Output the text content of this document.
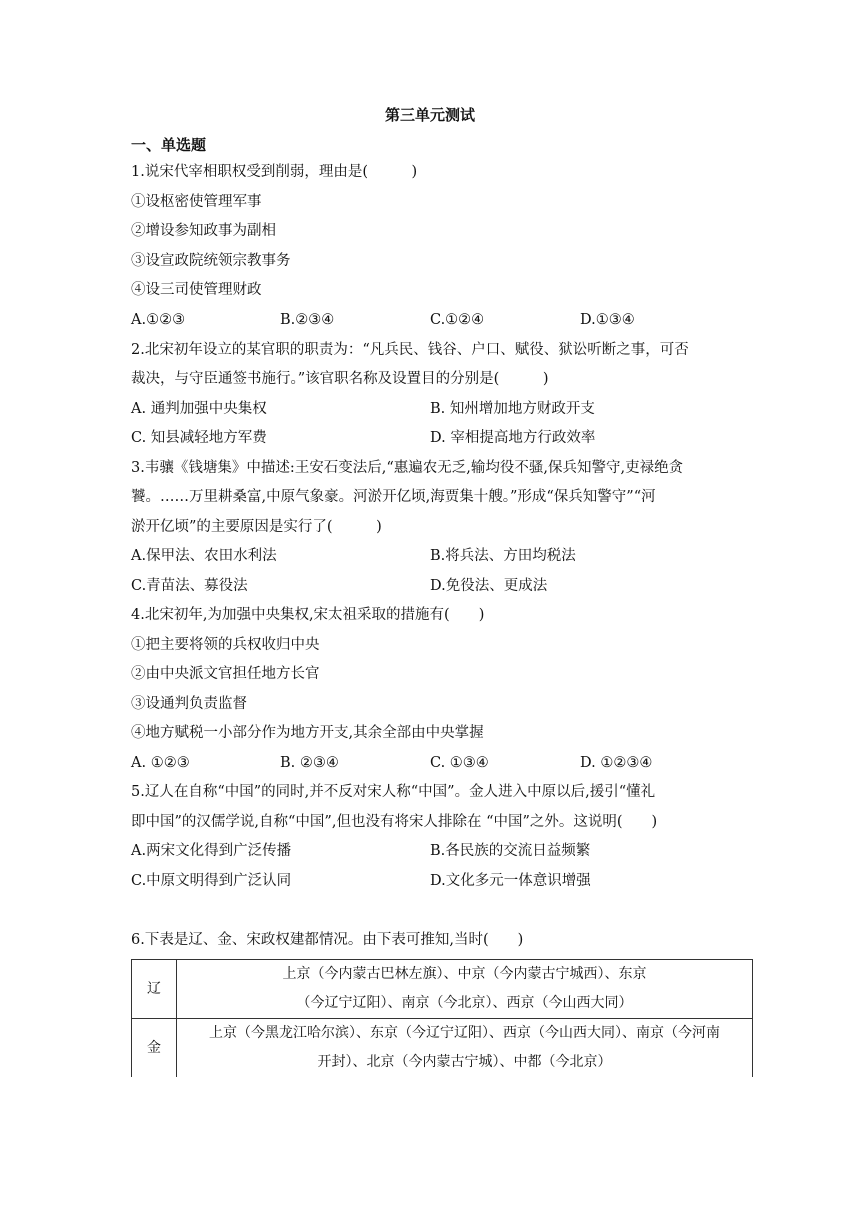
第三单元测试
一、单选题
1.说宋代宰相职权受到削弱，理由是(　　　)
①设枢密使管理军事
②增设参知政事为副相
③设宣政院统领宗教事务
④设三司使管理财政
A.①②③	B.②③④	C.①②④	D.①③④
2.北宋初年设立的某官职的职责为：“凡兵民、钱谷、户口、赋役、狱讼听断之事，可否
裁决，与守臣通签书施行。”该官职名称及设置目的分别是(　　　)
A. 通判加强中央集权	B. 知州增加地方财政开支
C. 知县减轻地方军费	D. 宰相提高地方行政效率
3.韦骧《钱塘集》中描述:王安石变法后,“惠遍农无乏,输均役不骚,保兵知警守,吏禄绝贪
饕。……万里耕桑富,中原气象豪。河淤开亿顷,海贾集十艘。”形成“保兵知警守”“河
淤开亿顷”的主要原因是实行了(　　　)
A.保甲法、农田水利法	B.将兵法、方田均税法
C.青苗法、募役法	D.免役法、更成法
4.北宋初年,为加强中央集权,宋太祖采取的措施有(　　)
①把主要将领的兵权收归中央
②由中央派文官担任地方长官
③设通判负责监督
④地方赋税一小部分作为地方开支,其余全部由中央掌握
A. ①②③	B. ②③④	C. ①③④	D. ①②③④
5.辽人在自称“中国”的同时,并不反对宋人称“中国”。金人进入中原以后,援引“懂礼
即中国”的汉儒学说,自称“中国”,但也没有将宋人排除在 “中国”之外。这说明(　　)
A.两宋文化得到广泛传播	B.各民族的交流日益频繁
C.中原文明得到广泛认同	D.文化多元一体意识增强
6.下表是辽、金、宋政权建都情况。由下表可推知,当时(　　)
辽	上京（今内蒙古巴林左旗）、中京（今内蒙古宁城西）、东京
（今辽宁辽阳）、南京（今北京）、西京（今山西大同）

金	上京（今黑龙江哈尔滨）、东京（今辽宁辽阳）、西京（今山西大同）、南京（今河南
开封）、北京（今内蒙古宁城）、中都（今北京）
